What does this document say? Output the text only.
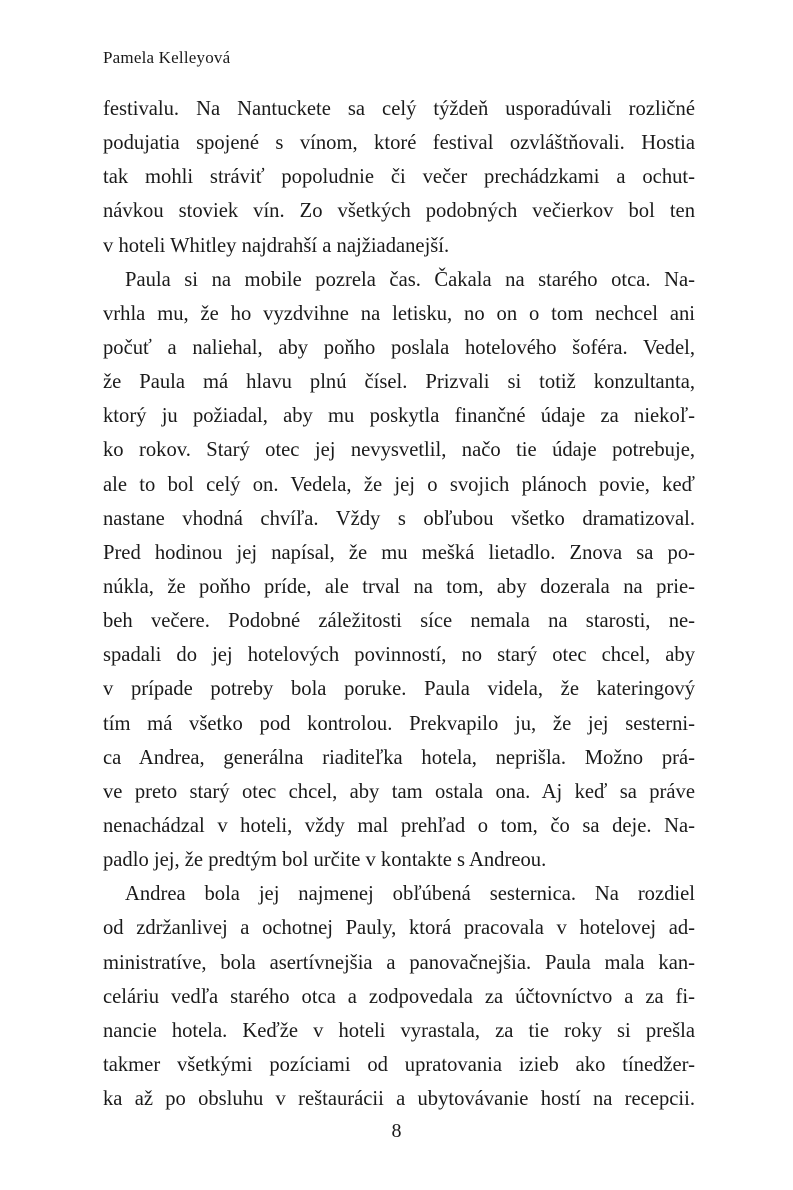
Pamela Kelleyová
festivalu. Na Nantuckete sa celý týždeň usporadúvali rozličné
podujatia spojené s vínom, ktoré festival ozvláštňovali. Hostia
tak mohli stráviť popoludnie či večer prechádzkami a ochut-
návkou stoviek vín. Zo všetkých podobných večierkov bol ten
v hoteli Whitley najdrahší a najžiadanejší.
Paula si na mobile pozrela čas. Čakala na starého otca. Na-
vrhla mu, že ho vyzdvihne na letisku, no on o tom nechcel ani
počuť a naliehal, aby poňho poslala hotelového šoféra. Vedel,
že Paula má hlavu plnú čísel. Prizvali si totiž konzultanta,
ktorý ju požiadal, aby mu poskytla finančné údaje za niekoľ-
ko rokov. Starý otec jej nevysvetlil, načo tie údaje potrebuje,
ale to bol celý on. Vedela, že jej o svojich plánoch povie, keď
nastane vhodná chvíľa. Vždy s obľubou všetko dramatizoval.
Pred hodinou jej napísal, že mu mešká lietadlo. Znova sa po-
núkla, že poňho príde, ale trval na tom, aby dozerala na prie-
beh večere. Podobné záležitosti síce nemala na starosti, ne-
spadali do jej hotelových povinností, no starý otec chcel, aby
v prípade potreby bola poruke. Paula videla, že kateringový
tím má všetko pod kontrolou. Prekvapilo ju, že jej sesterni-
ca Andrea, generálna riaditeľka hotela, neprišla. Možno prá-
ve preto starý otec chcel, aby tam ostala ona. Aj keď sa práve
nenachádzal v hoteli, vždy mal prehľad o tom, čo sa deje. Na-
padlo jej, že predtým bol určite v kontakte s Andreou.
Andrea bola jej najmenej obľúbená sesternica. Na rozdiel
od zdržanlivej a ochotnej Pauly, ktorá pracovala v hotelovej ad-
ministratíve, bola asertívnejšia a panovačnejšia. Paula mala kan-
celáriu vedľa starého otca a zodpovedala za účtovníctvo a za fi-
nancie hotela. Keďže v hoteli vyrastala, za tie roky si prešla
takmer všetkými pozíciami od upratovania izieb ako tínedžer-
ka až po obsluhu v reštaurácii a ubytovávanie hostí na recepcii.
8
